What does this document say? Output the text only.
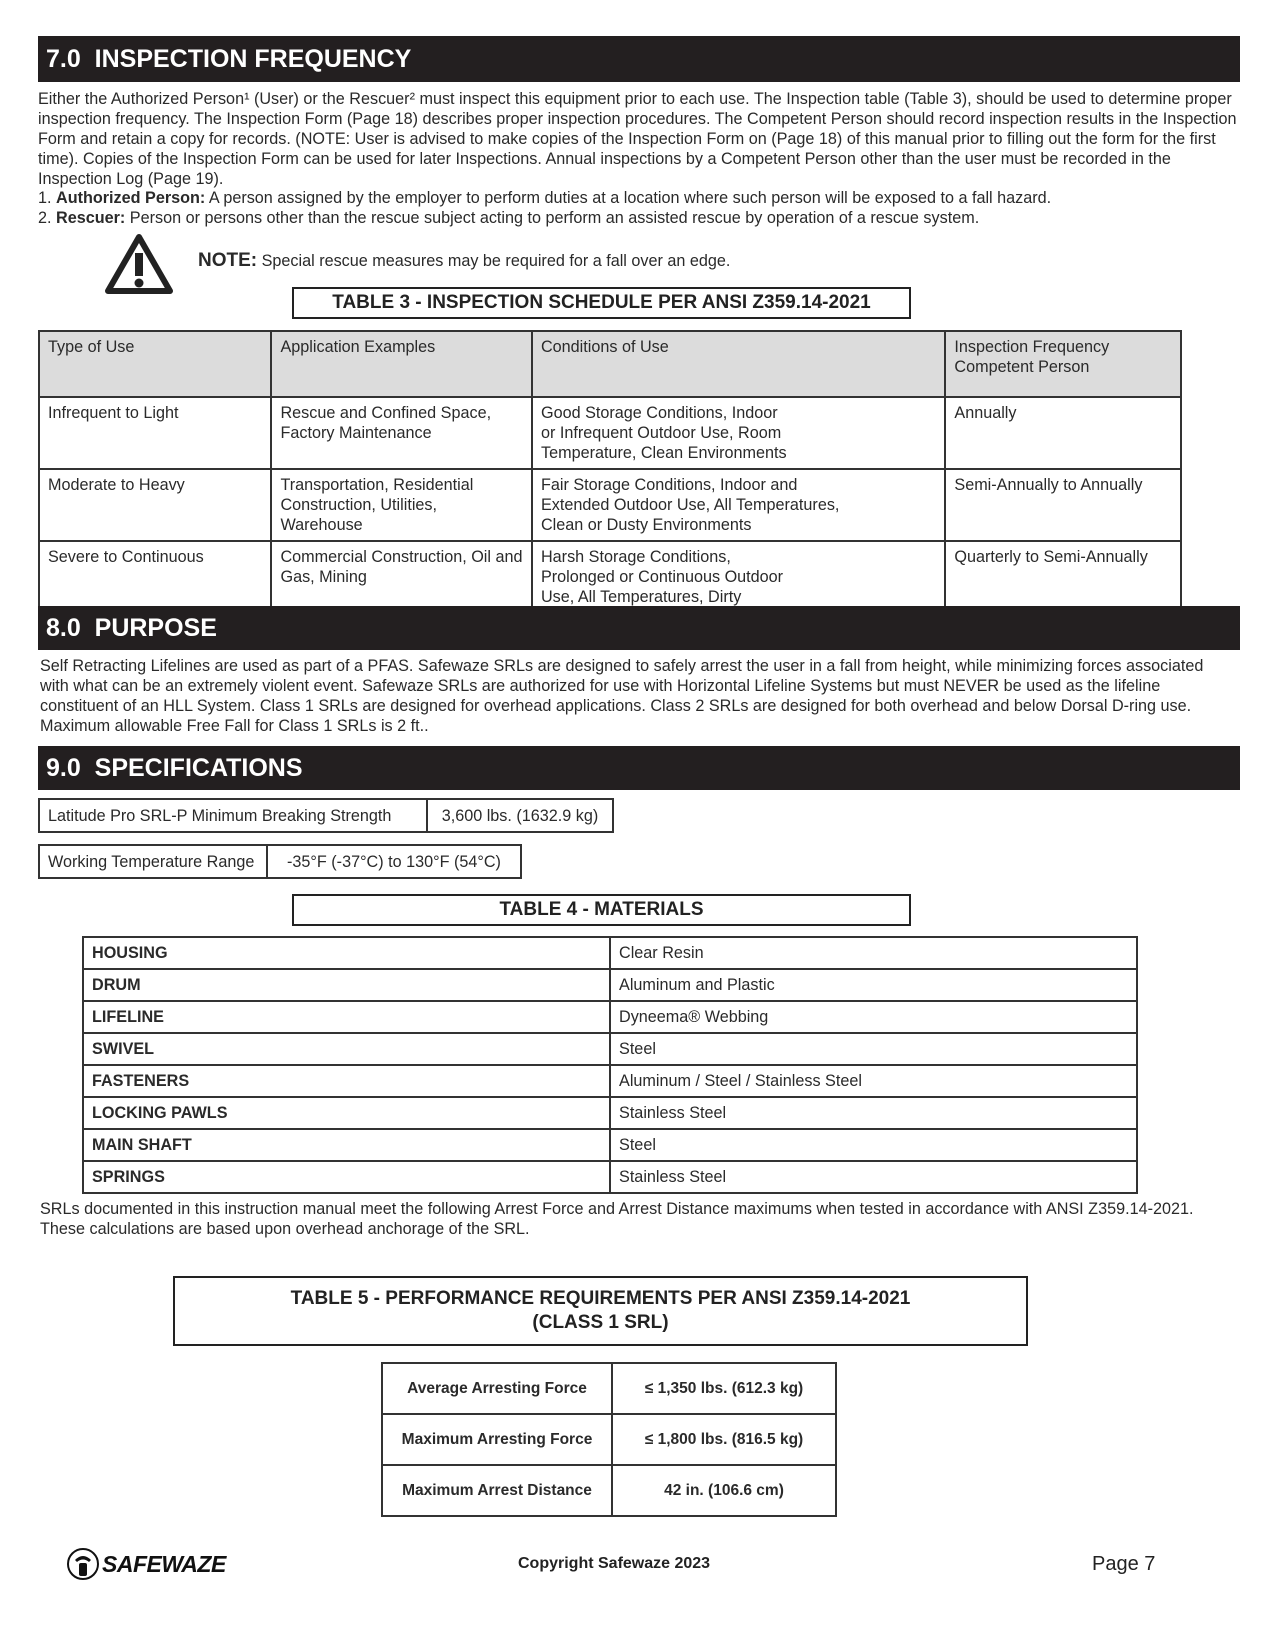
7.0  INSPECTION FREQUENCY
Either the Authorized Person¹ (User) or the Rescuer² must inspect this equipment prior to each use. The Inspection table (Table 3), should be used to determine proper inspection frequency. The Inspection Form (Page 18) describes proper inspection procedures. The Competent Person should record inspection results in the Inspection Form and retain a copy for records. (NOTE: User is advised to make copies of the Inspection Form on (Page 18) of this manual prior to filling out the form for the first time). Copies of the Inspection Form can be used for later Inspections. Annual inspections by a Competent Person other than the user must be recorded in the Inspection Log (Page 19).
1. Authorized Person: A person assigned by the employer to perform duties at a location where such person will be exposed to a fall hazard.
2. Rescuer: Person or persons other than the rescue subject acting to perform an assisted rescue by operation of a rescue system.
NOTE: Special rescue measures may be required for a fall over an edge.
TABLE 3 - INSPECTION SCHEDULE PER ANSI Z359.14-2021
Type of Use	Application Examples	Conditions of Use	Inspection Frequency Competent Person
Infrequent to Light	Rescue and Confined Space, Factory Maintenance	Good Storage Conditions, Indoor or Infrequent Outdoor Use, Room Temperature, Clean Environments	Annually
Moderate to Heavy	Transportation, Residential Construction, Utilities, Warehouse	Fair Storage Conditions, Indoor and Extended Outdoor Use, All Temperatures, Clean or Dusty Environments	Semi-Annually to Annually
Severe to Continuous	Commercial Construction, Oil and Gas, Mining	Harsh Storage Conditions, Prolonged or Continuous Outdoor Use, All Temperatures, Dirty	Quarterly to Semi-Annually
8.0  PURPOSE
Self Retracting Lifelines are used as part of a PFAS. Safewaze SRLs are designed to safely arrest the user in a fall from height, while minimizing forces associated with what can be an extremely violent event. Safewaze SRLs are authorized for use with Horizontal Lifeline Systems but must NEVER be used as the lifeline constituent of an HLL System. Class 1 SRLs are designed for overhead applications. Class 2 SRLs are designed for both overhead and below Dorsal D-ring use. Maximum allowable Free Fall for Class 1 SRLs is 2 ft..
9.0  SPECIFICATIONS
Latitude Pro SRL-P Minimum Breaking Strength	3,600 lbs. (1632.9 kg)
Working Temperature Range	-35°F (-37°C) to 130°F (54°C)
TABLE 4 - MATERIALS
HOUSING	Clear Resin
DRUM	Aluminum and Plastic
LIFELINE	Dyneema® Webbing
SWIVEL	Steel
FASTENERS	Aluminum / Steel / Stainless Steel
LOCKING PAWLS	Stainless Steel
MAIN SHAFT	Steel
SPRINGS	Stainless Steel
SRLs documented in this instruction manual meet the following Arrest Force and Arrest Distance maximums when tested in accordance with ANSI Z359.14-2021. These calculations are based upon overhead anchorage of the SRL.
TABLE 5 - PERFORMANCE REQUIREMENTS PER ANSI Z359.14-2021
(CLASS 1 SRL)
Average Arresting Force	≤ 1,350 lbs. (612.3 kg)
Maximum Arresting Force	≤ 1,800 lbs. (816.5 kg)
Maximum Arrest Distance	42 in. (106.6 cm)
SAFEWAZE	Copyright Safewaze 2023	Page 7
